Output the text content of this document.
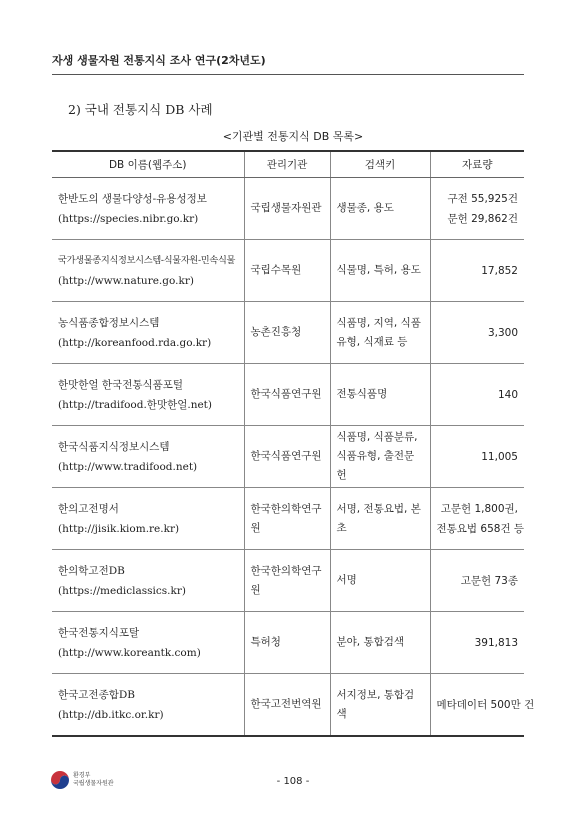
자생 생물자원 전통지식 조사 연구(2차년도)
2) 국내 전통지식 DB 사례
<기관별 전통지식 DB 목록>
DB 이름(웹주소)	관리기관	검색키	자료량

한반도의 생물다양성-유용성정보
(https://species.nibr.go.kr)	국립생물자원관	생물종, 용도	구전 55,925건
문헌 29,862건

국가생물종지식정보시스템-식물자원-민속식물
(http://www.nature.go.kr)	국립수목원	식물명, 특허, 용도	17,852

농식품종합정보시스템
(http://koreanfood.rda.go.kr)	농촌진흥청	식품명, 지역, 식품유형, 식재료 등	3,300

한맛한얼 한국전통식품포털
(http://tradifood.한맛한얼.net)	한국식품연구원	전통식품명	140

한국식품지식정보시스템
(http://www.tradifood.net)	한국식품연구원	식품명, 식품분류, 식품유형, 출전문헌	11,005

한의고전명서
(http://jisik.kiom.re.kr)	한국한의학연구원	서명, 전통요법, 본초	고문헌 1,800권,
전통요법 658건 등

한의학고전DB
(https://mediclassics.kr)	한국한의학연구원	서명	고문헌 73종

한국전통지식포탈
(http://www.koreantk.com)	특허청	분야, 통합검색	391,813

한국고전종합DB
(http://db.itkc.or.kr)	한국고전번역원	서지정보, 통합검색	메타데이터 500만 건
환경부
국립생물자원관	- 108 -
